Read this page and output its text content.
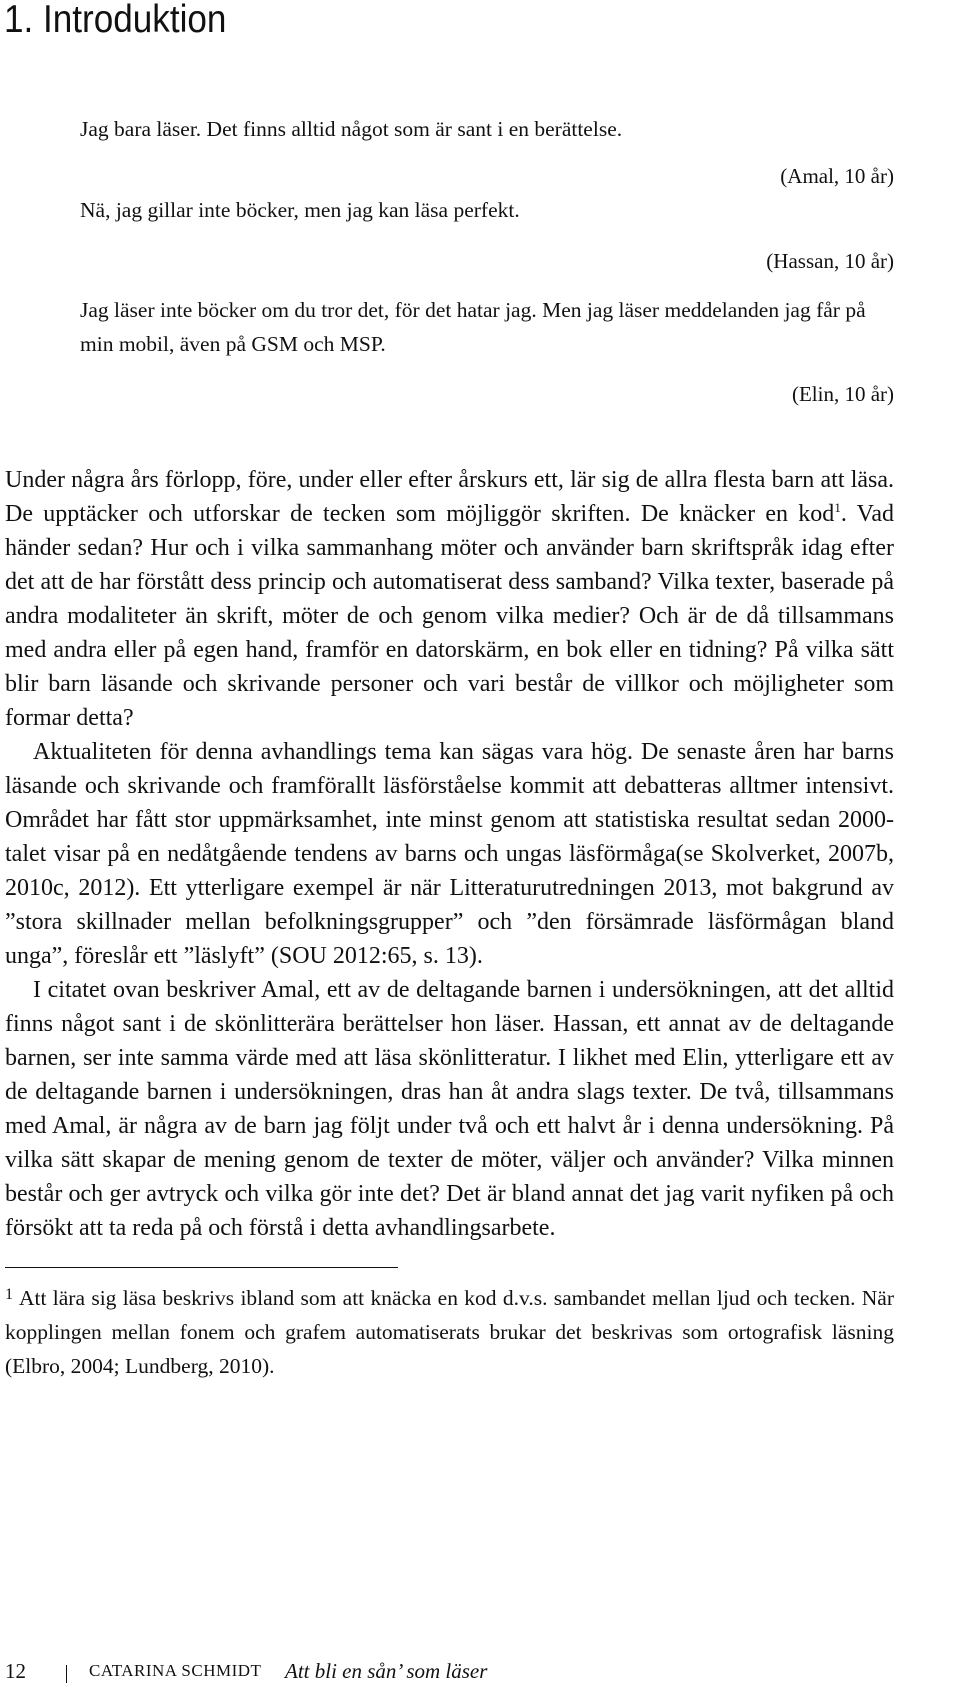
1. Introduktion

Jag bara läser. Det finns alltid något som är sant i en berättelse.

(Amal, 10 år)

Nä, jag gillar inte böcker, men jag kan läsa perfekt.

(Hassan, 10 år)

Jag läser inte böcker om du tror det, för det hatar jag. Men jag läser meddelanden jag får på min mobil, även på GSM och MSP.

(Elin, 10 år)

Under några års förlopp, före, under eller efter årskurs ett, lär sig de allra flesta barn att läsa. De upptäcker och utforskar de tecken som möjliggör skriften. De knäcker en kod$^1$. Vad händer sedan? Hur och i vilka sammanhang möter och använder barn skriftspråk idag efter det att de har förstått dess princip och automatiserat dess samband? Vilka texter, baserade på andra modaliteter än skrift, möter de och genom vilka medier? Och är de då tillsammans med andra eller på egen hand, framför en datorskärm, en bok eller en tidning? På vilka sätt blir barn läsande och skrivande personer och vari består de villkor och möjligheter som formar detta?

Aktualiteten för denna avhandlings tema kan sägas vara hög. De senaste åren har barns läsande och skrivande och framförallt läsförståelse kommit att debatteras alltmer intensivt. Området har fått stor uppmärksamhet, inte minst genom att statistiska resultat sedan 2000-talet visar på en nedåtgående tendens av barns och ungas läsförmåga(se Skolverket, 2007b, 2010c, 2012). Ett ytterligare exempel är när Litteraturutredningen 2013, mot bakgrund av ”stora skillnader mellan befolkningsgrupper” och ”den försämrade läsförmågan bland unga”, föreslår ett ”läslyft” (SOU 2012:65, s. 13).

I citatet ovan beskriver Amal, ett av de deltagande barnen i undersökningen, att det alltid finns något sant i de skönlitterära berättelser hon läser. Hassan, ett annat av de deltagande barnen, ser inte samma värde med att läsa skönlitteratur. I likhet med Elin, ytterligare ett av de deltagande barnen i undersökningen, dras han åt andra slags texter. De två, tillsammans med Amal, är några av de barn jag följt under två och ett halvt år i denna undersökning. På vilka sätt skapar de mening genom de texter de möter, väljer och använder? Vilka minnen består och ger avtryck och vilka gör inte det? Det är bland annat det jag varit nyfiken på och försökt att ta reda på och förstå i detta avhandlingsarbete.

$^1$ Att lära sig läsa beskrivs ibland som att knäcka en kod d.v.s. sambandet mellan ljud och tecken. När kopplingen mellan fonem och grafem automatiserats brukar det beskrivas som ortografisk läsning (Elbro, 2004; Lundberg, 2010).

12	CATARINA SCHMIDT Att bli en sån’ som läser
